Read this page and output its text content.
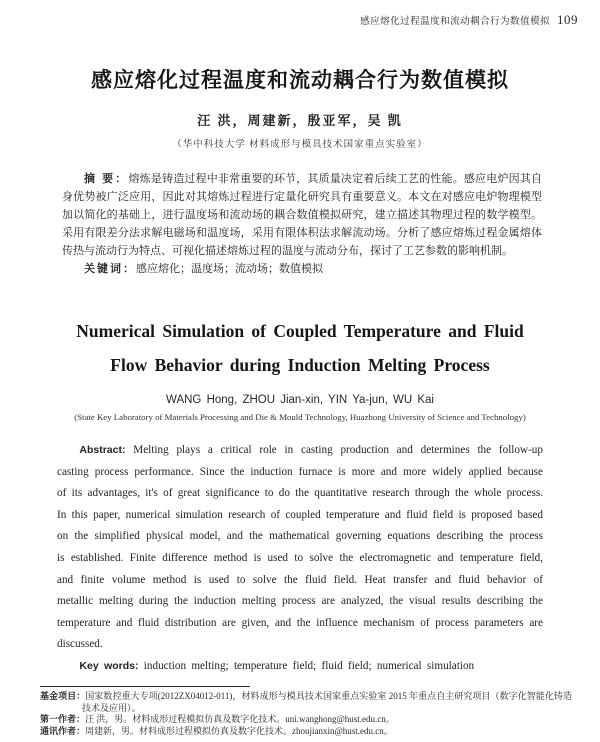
感应熔化过程温度和流动耦合行为数值模拟 109
感应熔化过程温度和流动耦合行为数值模拟
汪 洪，周建新，殷亚军，吴 凯
（华中科技大学 材料成形与模具技术国家重点实验室）

摘 要：熔炼是铸造过程中非常重要的环节，其质量决定着后续工艺的性能。感应电炉因其自身优势被广泛应用，因此对其熔炼过程进行定量化研究具有重要意义。本文在对感应电炉物理模型加以简化的基础上，进行温度场和流动场的耦合数值模拟研究，建立描述其物理过程的数学模型。采用有限差分法求解电磁场和温度场，采用有限体积法求解流动场。分析了感应熔炼过程金属熔体传热与流动行为特点、可视化描述熔炼过程的温度与流动分布，探讨了工艺参数的影响机制。

关键词：感应熔化；温度场；流动场；数值模拟

Numerical Simulation of Coupled Temperature and Fluid Flow Behavior during Induction Melting Process
WANG Hong, ZHOU Jian-xin, YIN Ya-jun, WU Kai
(State Key Laboratory of Materials Processing and Die & Mould Technology, Huazhong University of Science and Technology)

Abstract: Melting plays a critical role in casting production and determines the follow-up casting process performance. Since the induction furnace is more and more widely applied because of its advantages, it's of great significance to do the quantitative research through the whole process. In this paper, numerical simulation research of coupled temperature and fluid field is proposed based on the simplified physical model, and the mathematical governing equations describing the process is established. Finite difference method is used to solve the electromagnetic and temperature field, and finite volume method is used to solve the fluid field. Heat transfer and fluid behavior of metallic melting during the induction melting process are analyzed, the visual results describing the temperature and fluid distribution are given, and the influence mechanism of process parameters are discussed.

Key words: induction melting; temperature field; fluid field; numerical simulation

基金项目：国家数控重大专项(2012ZX04012-011)，材料成形与模具技术国家重点实验室 2015 年重点自主研究项目（数字化智能化铸造技术及应用）。
第一作者：汪 洪，男。材料成形过程模拟仿真及数字化技术。uni.wanghong@hust.edu.cn。
通讯作者：周建新，男。材料成形过程模拟仿真及数字化技术。zhoujianxin@hust.edu.cn。
